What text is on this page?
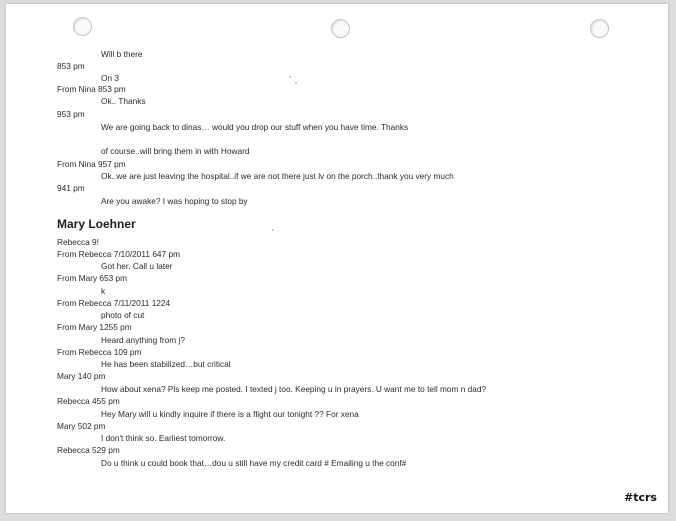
Will b there
853 pm
On 3
From Nina 853 pm
Ok.. Thanks
953 pm
We are going back to dinas… would you drop our stuff when you have time. Thanks
of course..will bring them in with Howard
From Nina 957 pm
Ok..we are just leaving the hospital..if we are not there just lv on the porch..thank you very much
941 pm
Are you awake? I was hoping to stop by
Mary Loehner
Rebecca 9!
From Rebecca 7/10/2011 647 pm
Got her. Call u later
From Mary 653 pm
k
From Rebecca 7/11/2011 1224
photo of cut
From Mary 1255 pm
Heard anything from j?
From Rebecca 109 pm
He has been stabilized…but critical
Mary 140 pm
How about xena? Pls keep me posted. I texted j too. Keeping u in prayers. U want me to tell mom n dad?
Rebecca 455 pm
Hey Mary will u kindly inquire if there is a flight our tonight ?? For xena
Mary 502 pm
I don't think so. Earliest tomorrow.
Rebecca 529 pm
Do u think u could book that…dou u still have my credit card # Emailing u the conf#
#tcrs
